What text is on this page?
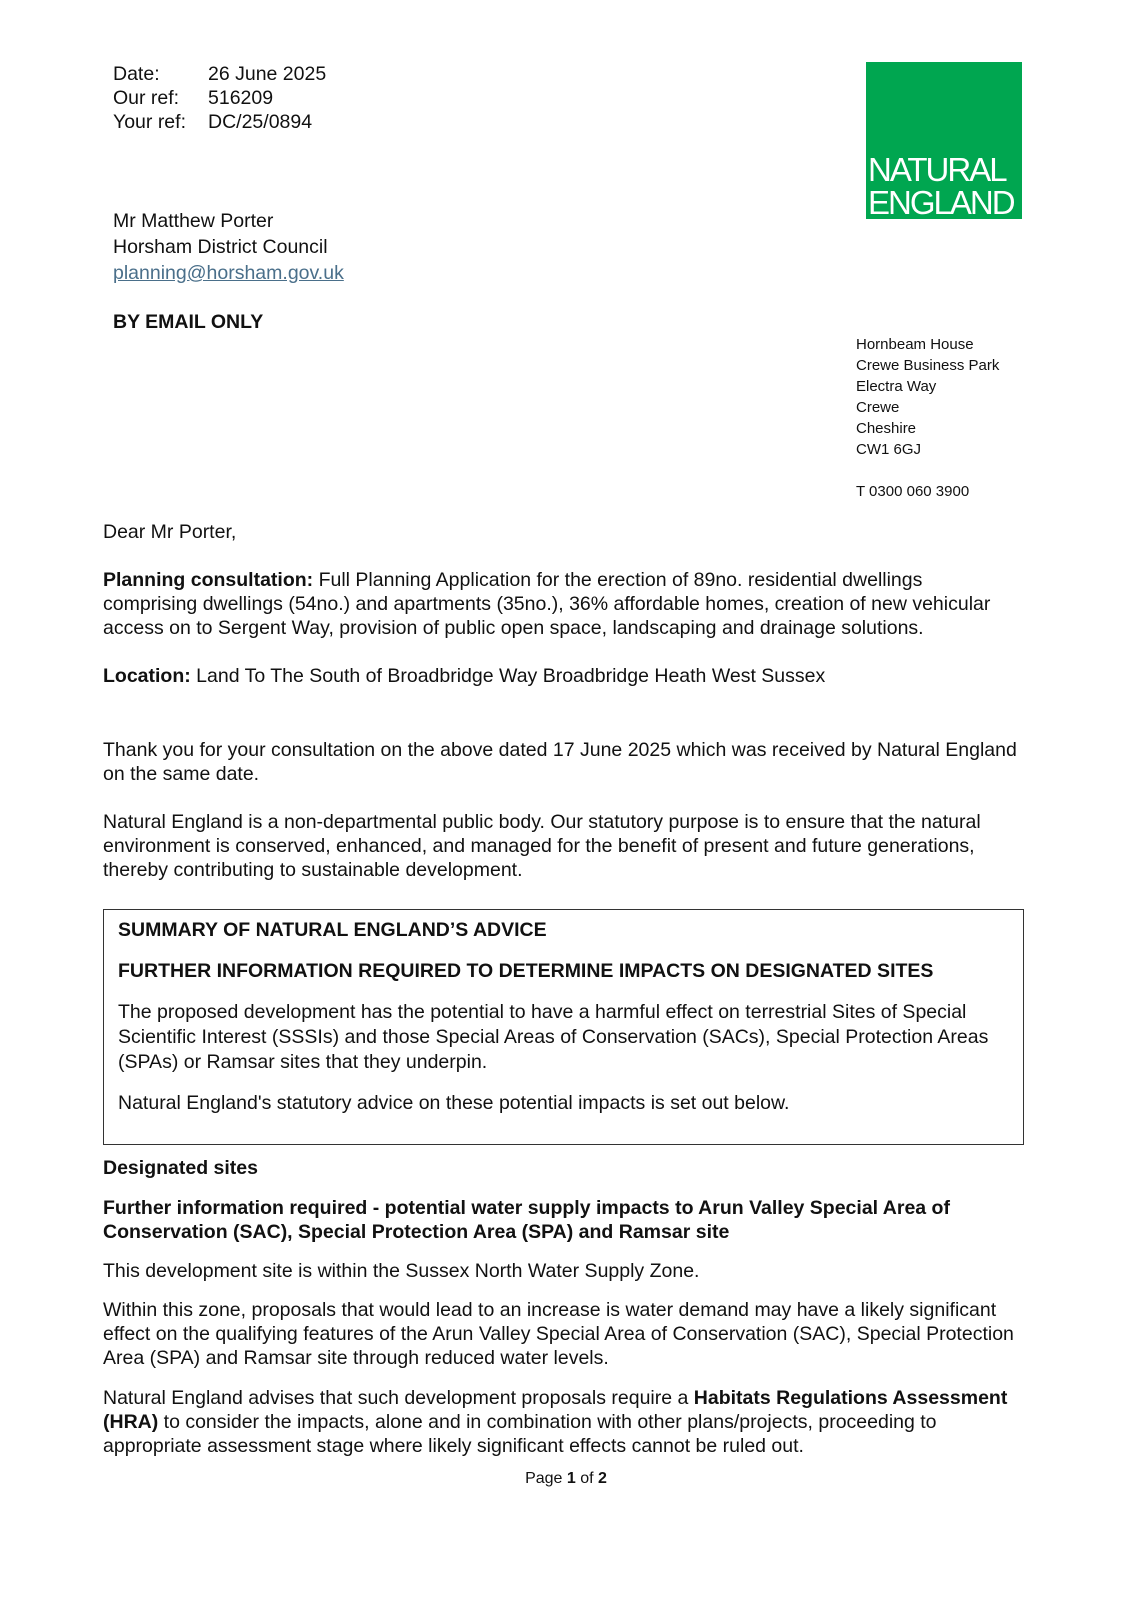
Date:	26 June 2025
Our ref:	516209
Your ref:	DC/25/0894
NATURAL
ENGLAND
Mr Matthew Porter
Horsham District Council
planning@horsham.gov.uk
BY EMAIL ONLY
Hornbeam House
Crewe Business Park
Electra Way
Crewe
Cheshire
CW1 6GJ
T 0300 060 3900
Dear Mr Porter,
Planning consultation: Full Planning Application for the erection of 89no. residential dwellings comprising dwellings (54no.) and apartments (35no.), 36% affordable homes, creation of new vehicular access on to Sergent Way, provision of public open space, landscaping and drainage solutions.
Location: Land To The South of Broadbridge Way Broadbridge Heath West Sussex
Thank you for your consultation on the above dated 17 June 2025 which was received by Natural England on the same date.
Natural England is a non-departmental public body. Our statutory purpose is to ensure that the natural environment is conserved, enhanced, and managed for the benefit of present and future generations, thereby contributing to sustainable development.

SUMMARY OF NATURAL ENGLAND’S ADVICE

FURTHER INFORMATION REQUIRED TO DETERMINE IMPACTS ON DESIGNATED SITES

The proposed development has the potential to have a harmful effect on terrestrial Sites of Special Scientific Interest (SSSIs) and those Special Areas of Conservation (SACs), Special Protection Areas (SPAs) or Ramsar sites that they underpin.

Natural England's statutory advice on these potential impacts is set out below.

Designated sites
Further information required - potential water supply impacts to Arun Valley Special Area of Conservation (SAC), Special Protection Area (SPA) and Ramsar site
This development site is within the Sussex North Water Supply Zone.
Within this zone, proposals that would lead to an increase is water demand may have a likely significant effect on the qualifying features of the Arun Valley Special Area of Conservation (SAC), Special Protection Area (SPA) and Ramsar site through reduced water levels.
Natural England advises that such development proposals require a Habitats Regulations Assessment (HRA) to consider the impacts, alone and in combination with other plans/projects, proceeding to appropriate assessment stage where likely significant effects cannot be ruled out.
Page 1 of 2
